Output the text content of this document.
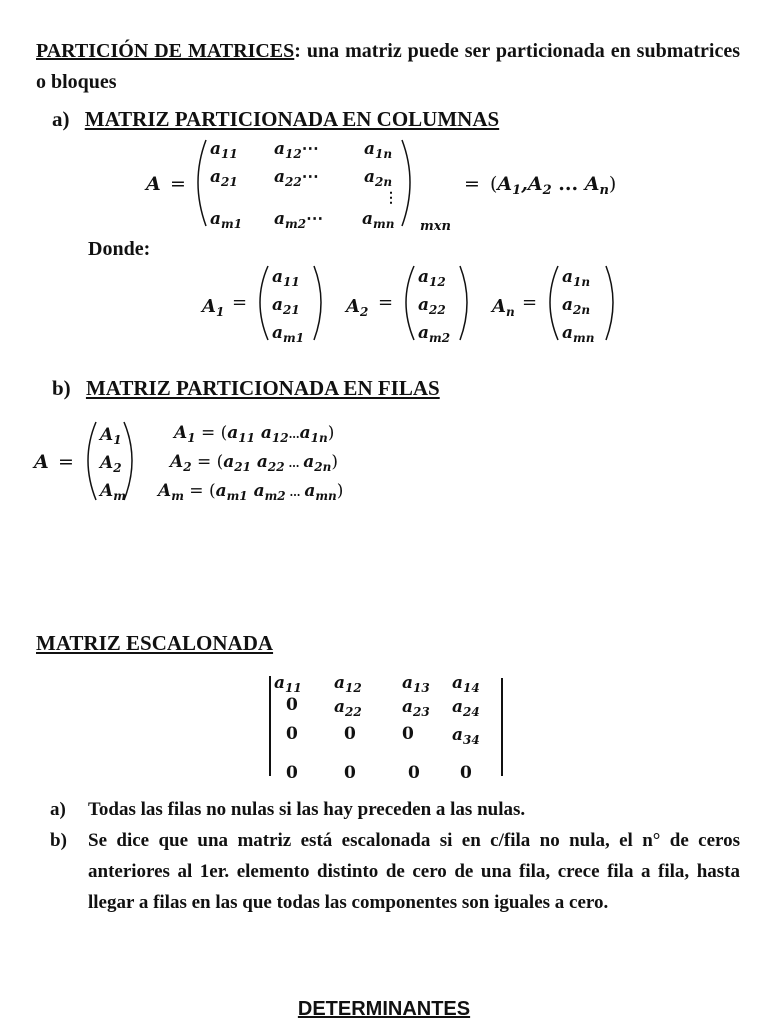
PARTICIÓN DE MATRICES: una matriz puede ser particionada en submatrices o bloques
a) MATRIZ PARTICIONADA EN COLUMNAS
A =
$a_{11}$ $a_{12}\cdots$	$a_{1n}$
$a_{21}$ $a_{22}\cdots$	$a_{2n}$
⋮
$a_{m1}$ $a_{m2}\cdots$ $a_{mn}$ mxn
= ($A_1,A_2$ ... $A_n$)
Donde:
$A_1$ =
$a_{11}$
$a_{21}$
$a_{m1}$
$A_2$ =
$a_{12}$
$a_{22}$
$a_{m2}$
$A_n$ =
$a_{1n}$
$a_{2n}$
$a_{mn}$
b) MATRIZ PARTICIONADA EN FILAS
A =
$A_1$
$A_2$
$A_m$
$A_1 = (a_{11}$ $a_{12}^\dots a_{1n}$)
$A_2 = (a_{21}$ $a_{22}$ … $a_{2n}$)
$A_m = (a_{m1}$ $a_{m2}$ … $a_{mn}$)
MATRIZ ESCALONADA
$a_{11}$ $a_{12}$ $a_{13}$ $a_{14}$
0 $a_{22}$ $a_{23}$ $a_{24}$
0	0	0 $a_{34}$
0	0	0 0
a)	Todas las filas no nulas si las hay preceden a las nulas.
b)	Se dice que una matriz está escalonada si en c/fila no nula, el n° de ceros anteriores al 1er. elemento distinto de cero de una fila, crece fila a fila, hasta llegar a filas en las que todas las componentes son iguales a cero.
DETERMINANTES
